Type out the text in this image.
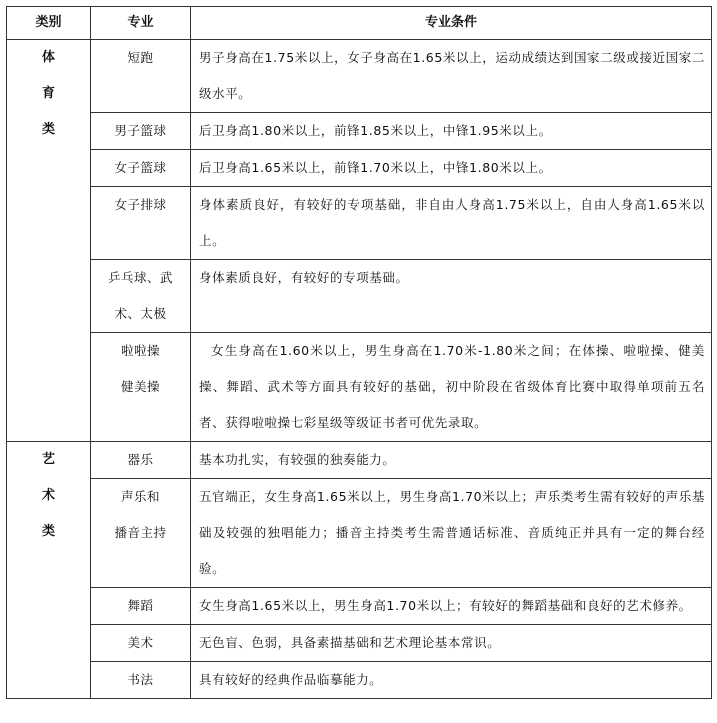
类别	专业	专业条件

体
育
类	短跑	男子身高在1.75米以上，女子身高在1.65米以上，运动成绩达到国家二级或接近国家二级水平。

	男子篮球	后卫身高1.80米以上，前锋1.85米以上，中锋1.95米以上。

	女子篮球	后卫身高1.65米以上，前锋1.70米以上，中锋1.80米以上。

	女子排球	身体素质良好，有较好的专项基础，非自由人身高1.75米以上，自由人身高1.65米以上。

	乒乓球、武
术、太极	身体素质良好，有较好的专项基础。

	啦啦操
健美操	女生身高在1.60米以上，男生身高在1.70米-1.80米之间；在体操、啦啦操、健美操、舞蹈、武术等方面具有较好的基础，初中阶段在省级体育比赛中取得单项前五名者、获得啦啦操七彩星级等级证书者可优先录取。

艺
术
类	器乐	基本功扎实，有较强的独奏能力。

	声乐和
播音主持	五官端正，女生身高1.65米以上，男生身高1.70米以上；声乐类考生需有较好的声乐基础及较强的独唱能力；播音主持类考生需普通话标准、音质纯正并具有一定的舞台经验。

	舞蹈	女生身高1.65米以上，男生身高1.70米以上；有较好的舞蹈基础和良好的艺术修养。

	美术	无色盲、色弱，具备素描基础和艺术理论基本常识。

	书法	具有较好的经典作品临摹能力。
